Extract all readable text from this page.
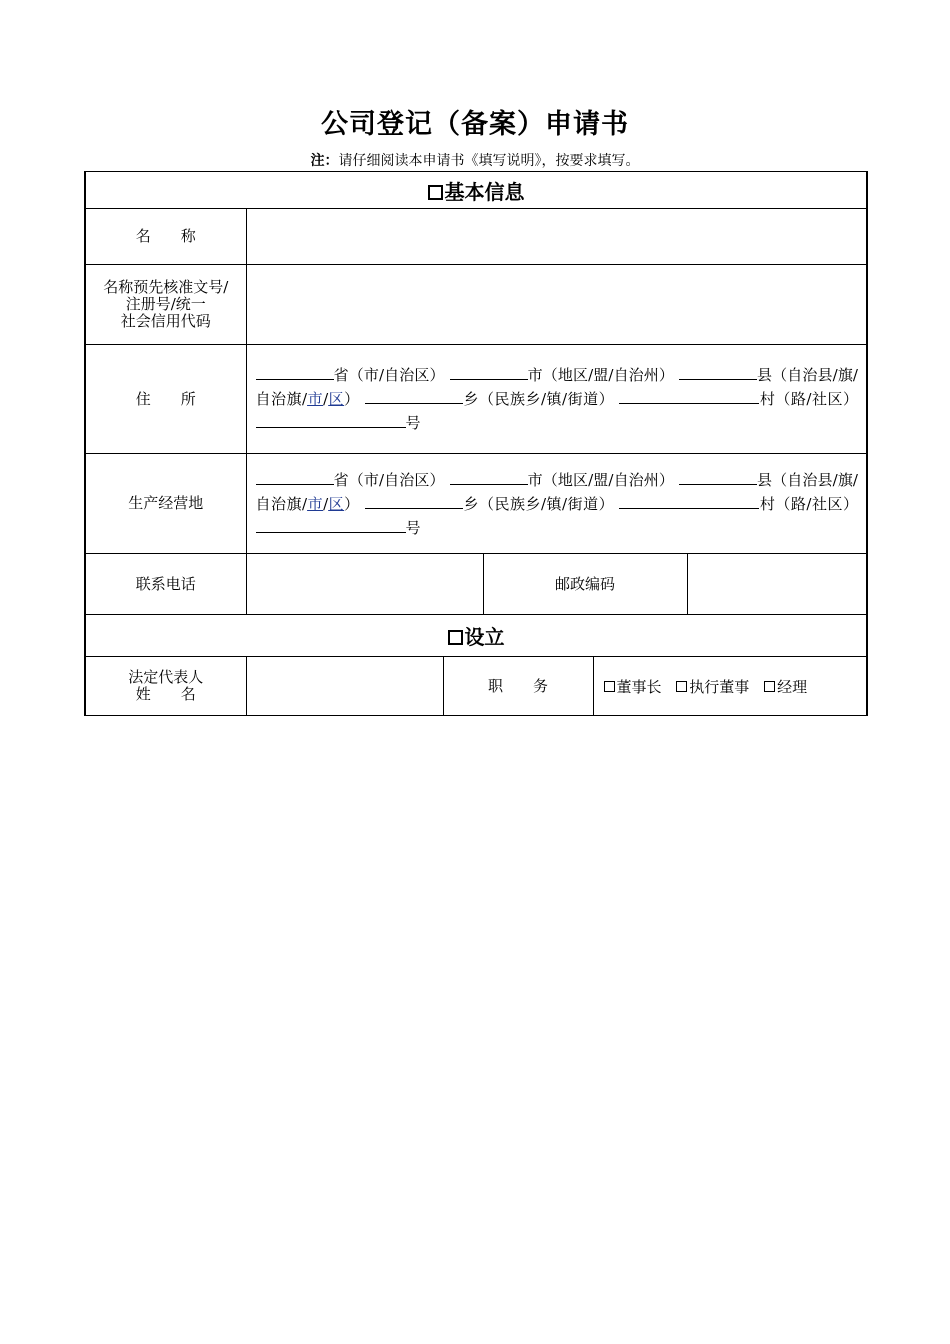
公司登记（备案）申请书
注：请仔细阅读本申请书《填写说明》，按要求填写。
基本信息					
名　　称					

名称预先核准文号/
注册号/统一
社会信用代码					

住　　所	省（市/自治区） 市（地区/盟/自治州） 县（自治县/旗/自治旗/市/区） 乡（民族乡/镇/街道） 村（路/社区） 号				
生产经营地	省（市/自治区） 市（地区/盟/自治州） 县（自治县/旗/自治旗/市/区） 乡（民族乡/镇/街道） 村（路/社区） 号				
联系电话			邮政编码		
设立					

法定代表人
姓　　名		职　　务		董事长 执行董事 经理	
